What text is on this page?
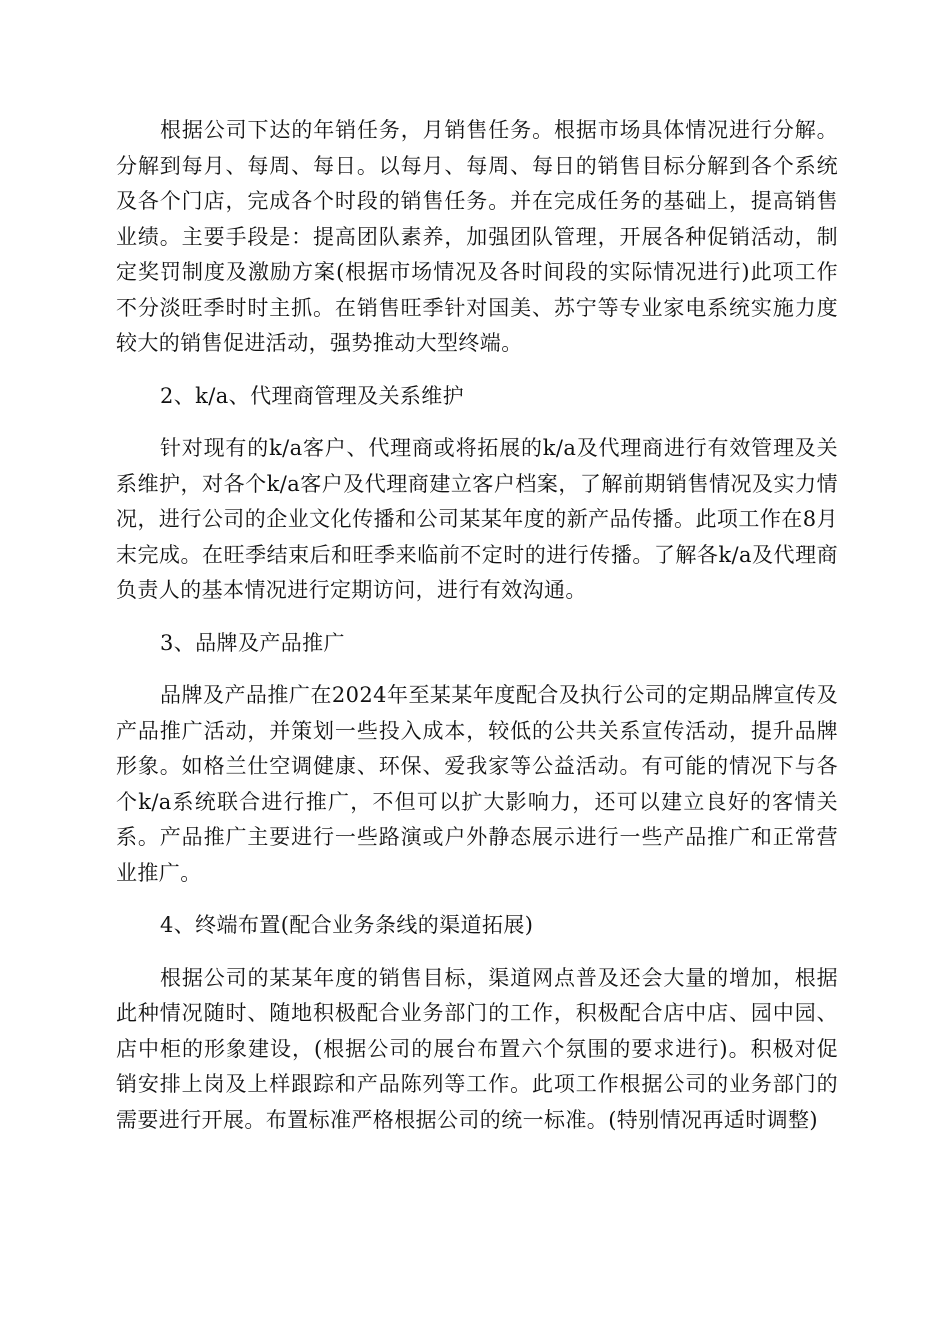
根据公司下达的年销任务，月销售任务。根据市场具体情况进行分解。分解到每月、每周、每日。以每月、每周、每日的销售目标分解到各个系统及各个门店，完成各个时段的销售任务。并在完成任务的基础上，提高销售业绩。主要手段是：提高团队素养，加强团队管理，开展各种促销活动，制定奖罚制度及激励方案(根据市场情况及各时间段的实际情况进行)此项工作不分淡旺季时时主抓。在销售旺季针对国美、苏宁等专业家电系统实施力度较大的销售促进活动，强势推动大型终端。

2、k/a、代理商管理及关系维护

针对现有的k/a客户、代理商或将拓展的k/a及代理商进行有效管理及关系维护，对各个k/a客户及代理商建立客户档案，了解前期销售情况及实力情况，进行公司的企业文化传播和公司某某年度的新产品传播。此项工作在8月末完成。在旺季结束后和旺季来临前不定时的进行传播。了解各k/a及代理商负责人的基本情况进行定期访问，进行有效沟通。

3、品牌及产品推广

品牌及产品推广在2024年至某某年度配合及执行公司的定期品牌宣传及产品推广活动，并策划一些投入成本，较低的公共关系宣传活动，提升品牌形象。如格兰仕空调健康、环保、爱我家等公益活动。有可能的情况下与各个k/a系统联合进行推广，不但可以扩大影响力，还可以建立良好的客情关系。产品推广主要进行一些路演或户外静态展示进行一些产品推广和正常营业推广。

4、终端布置(配合业务条线的渠道拓展)

根据公司的某某年度的销售目标，渠道网点普及还会大量的增加，根据此种情况随时、随地积极配合业务部门的工作，积极配合店中店、园中园、店中柜的形象建设，(根据公司的展台布置六个氛围的要求进行)。积极对促销安排上岗及上样跟踪和产品陈列等工作。此项工作根据公司的业务部门的需要进行开展。布置标准严格根据公司的统一标准。(特别情况再适时调整)
